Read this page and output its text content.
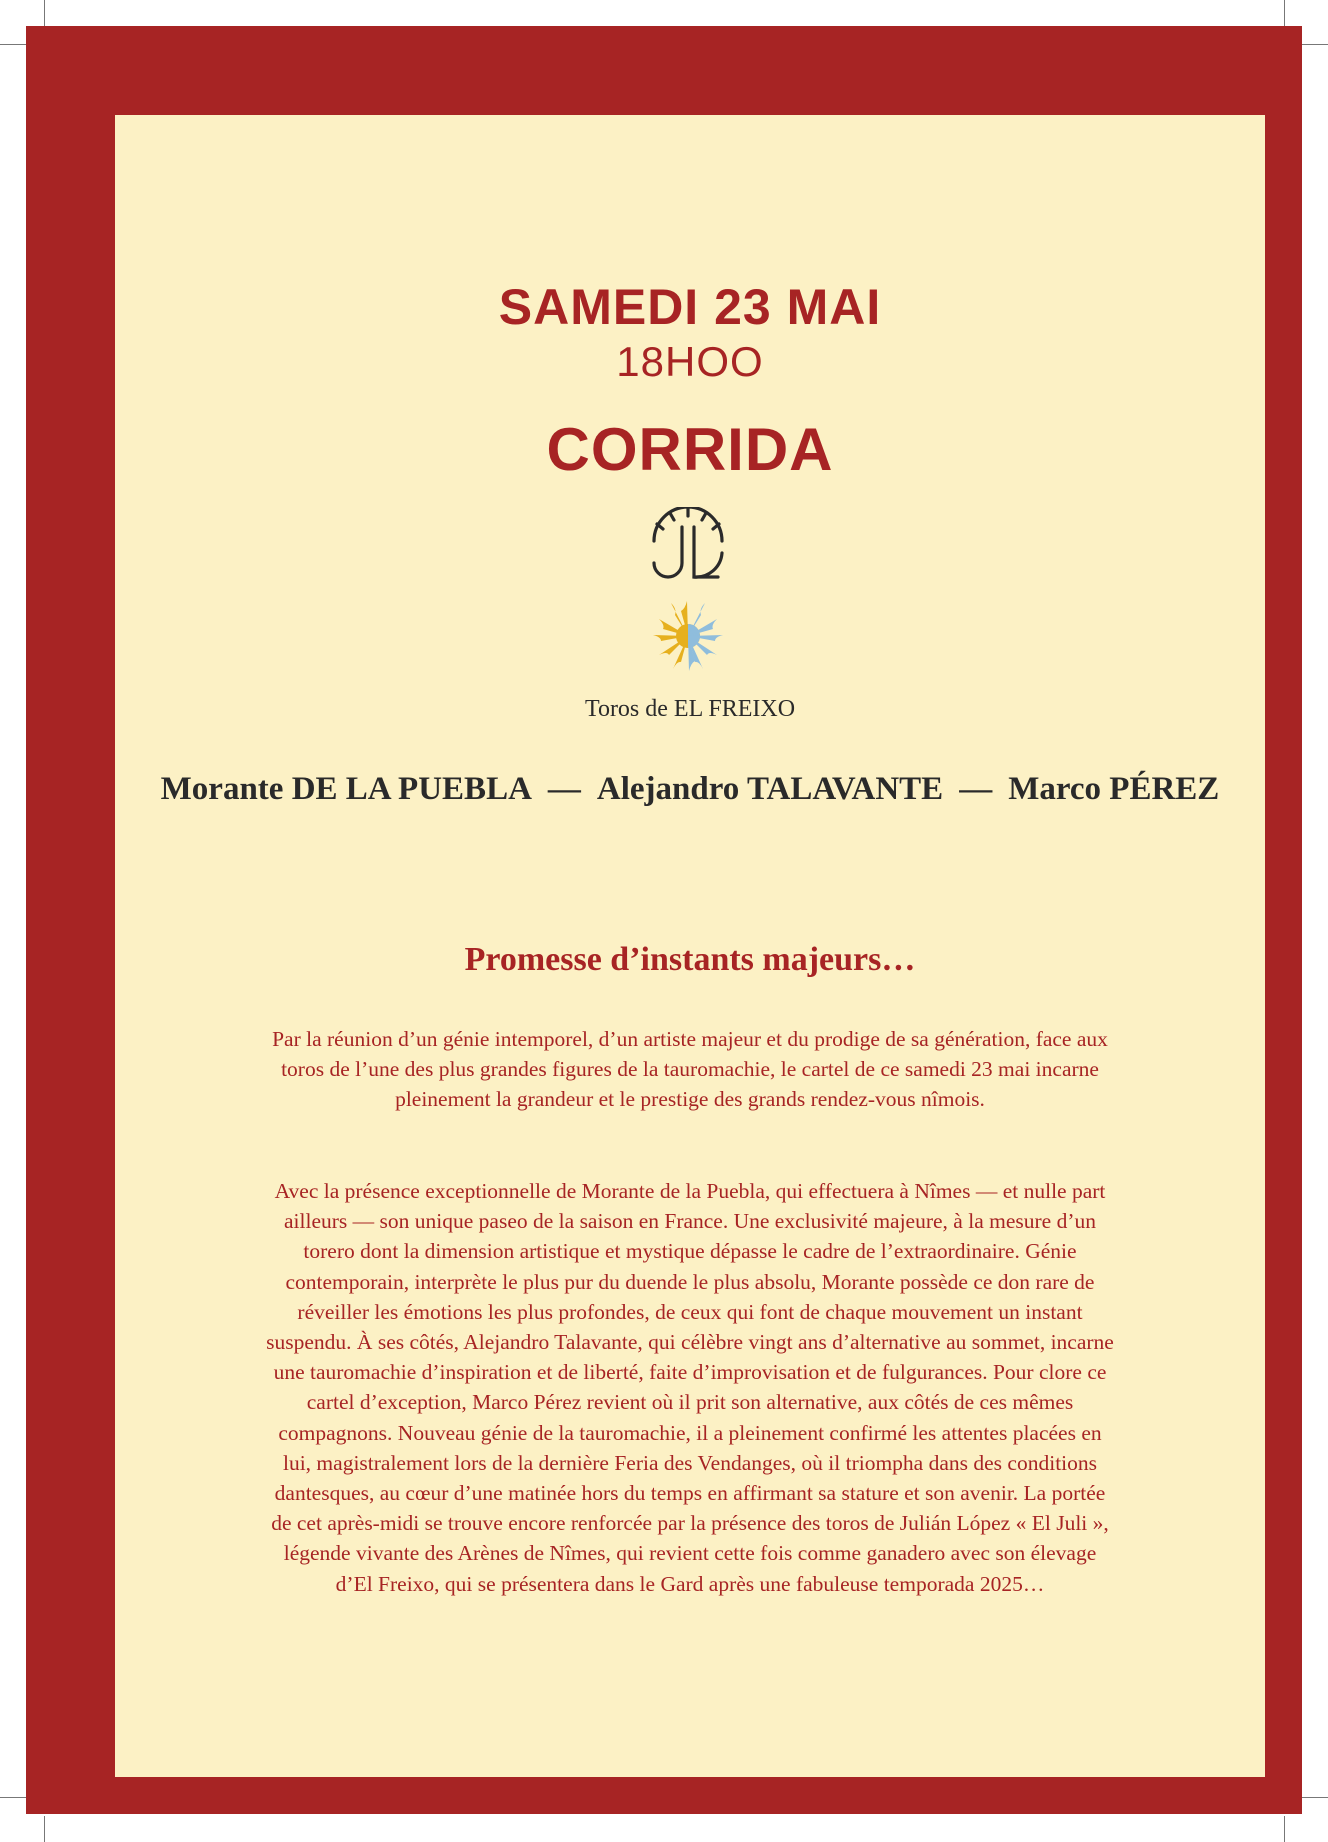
SAMEDI 23 MAI
18HOO
CORRIDA
Toros de EL FREIXO
Morante DE LA PUEBLA — Alejandro TALAVANTE — Marco PÉREZ
Promesse d’instants majeurs…
Par la réunion d’un génie intemporel, d’un artiste majeur et du prodige de sa génération, face aux toros de l’une des plus grandes figures de la tauromachie, le cartel de ce samedi 23 mai incarne pleinement la grandeur et le prestige des grands rendez-vous nîmois.
Avec la présence exceptionnelle de Morante de la Puebla, qui effectuera à Nîmes — et nulle part ailleurs — son unique paseo de la saison en France. Une exclusivité majeure, à la mesure d’un torero dont la dimension artistique et mystique dépasse le cadre de l’extraordinaire. Génie contemporain, interprète le plus pur du duende le plus absolu, Morante possède ce don rare de réveiller les émotions les plus profondes, de ceux qui font de chaque mouvement un instant suspendu. À ses côtés, Alejandro Talavante, qui célèbre vingt ans d’alternative au sommet, incarne une tauromachie d’inspiration et de liberté, faite d’improvisation et de fulgurances. Pour clore ce cartel d’exception, Marco Pérez revient où il prit son alternative, aux côtés de ces mêmes compagnons. Nouveau génie de la tauromachie, il a pleinement confirmé les attentes placées en lui, magistralement lors de la dernière Feria des Vendanges, où il triompha dans des conditions dantesques, au cœur d’une matinée hors du temps en affirmant sa stature et son avenir. La portée de cet après-midi se trouve encore renforcée par la présence des toros de Julián López « El Juli », légende vivante des Arènes de Nîmes, qui revient cette fois comme ganadero avec son élevage d’El Freixo, qui se présentera dans le Gard après une fabuleuse temporada 2025…
